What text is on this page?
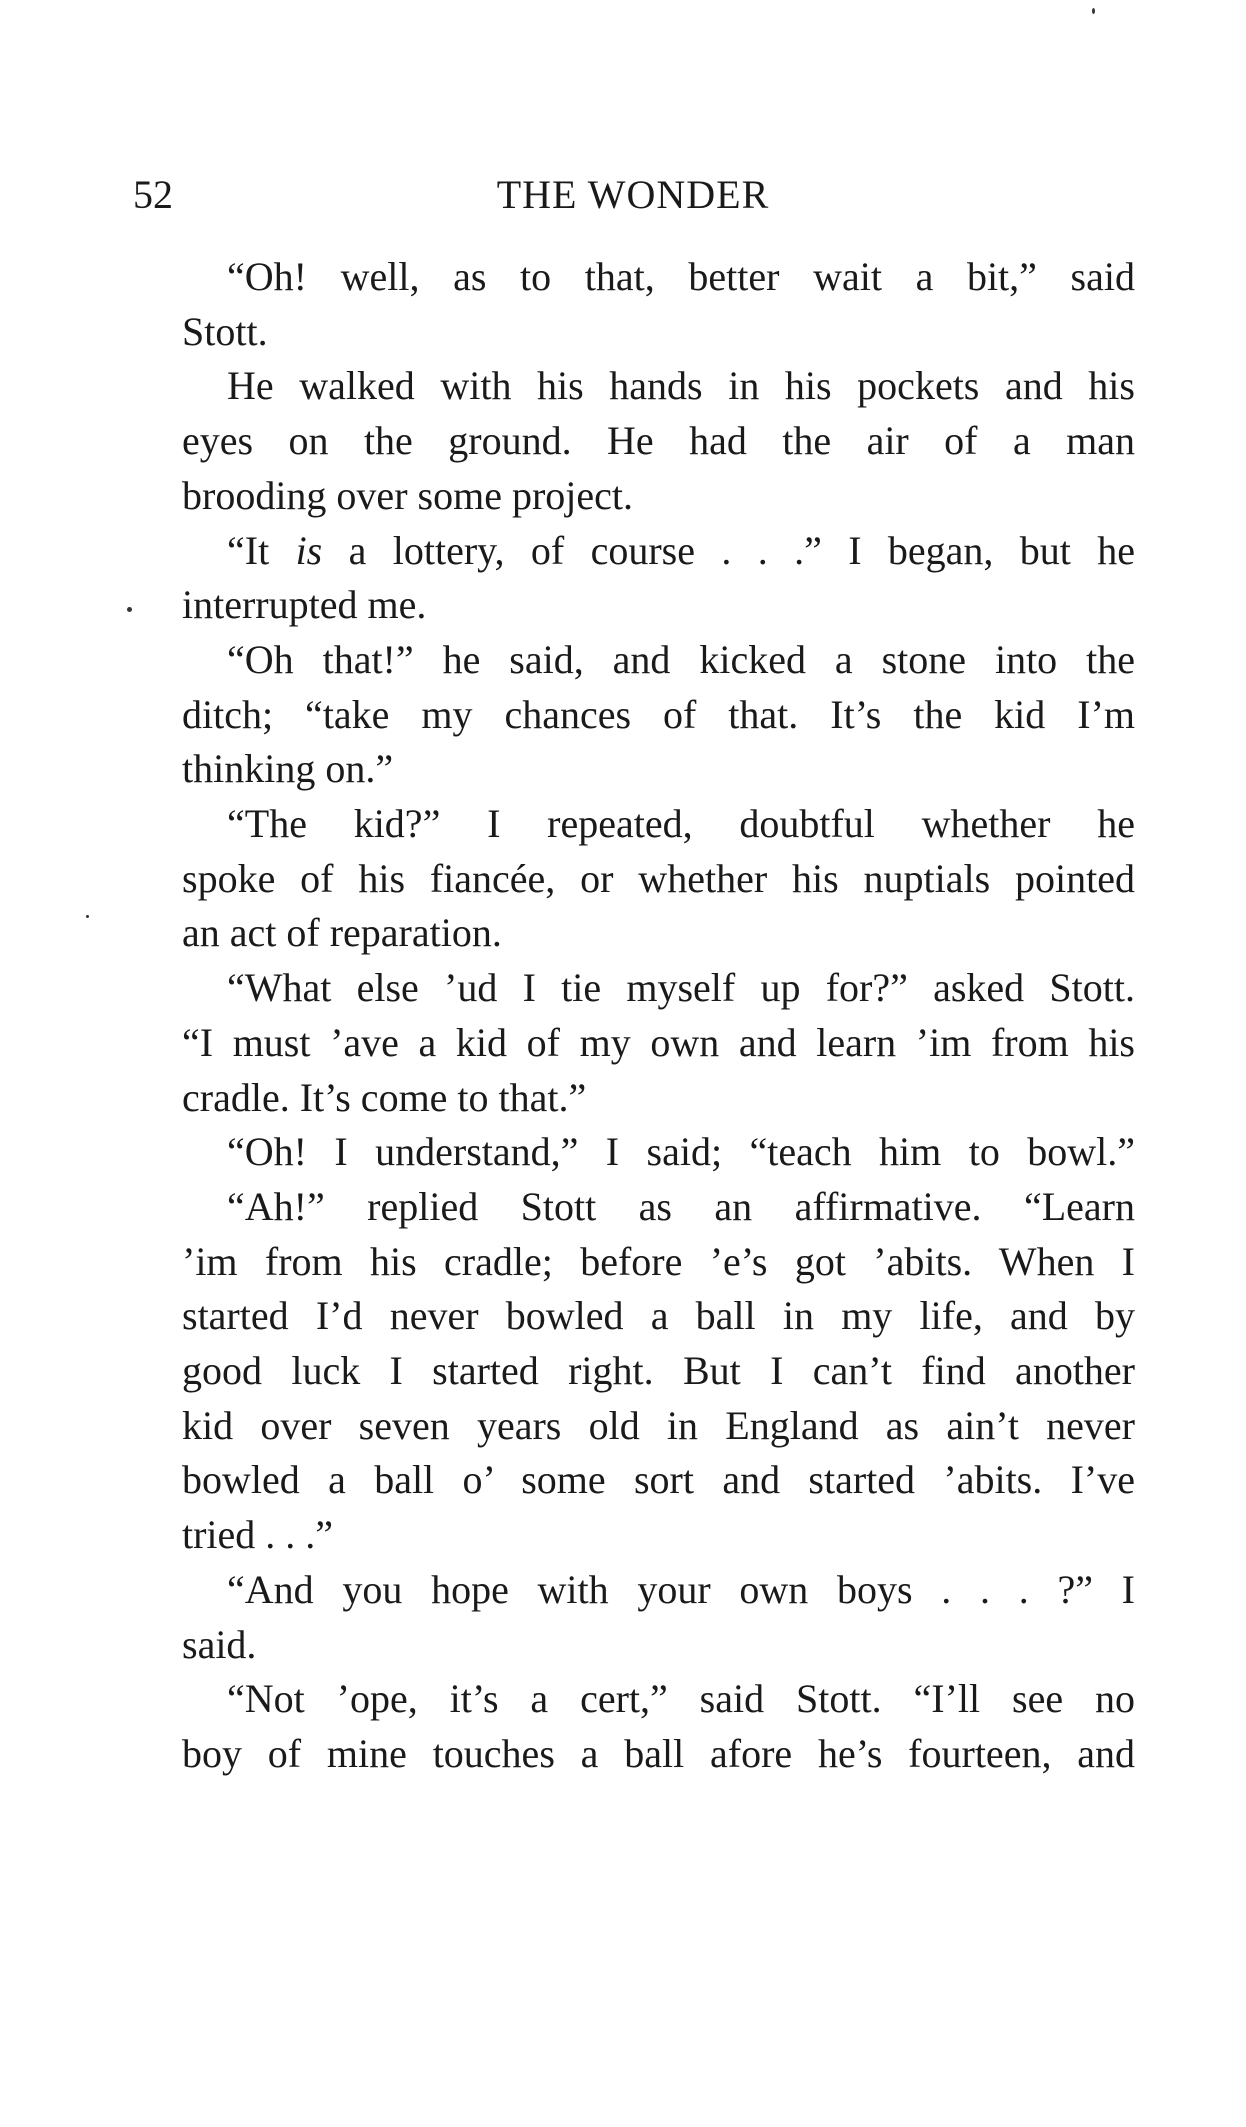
52	THE WONDER
“Oh! well, as to that, better wait a bit,” said
Stott.
He walked with his hands in his pockets and his
eyes on the ground. He had the air of a man
brooding over some project.
“It is a lottery, of course . . .” I began, but he
interrupted me.
“Oh that!” he said, and kicked a stone into the
ditch; “take my chances of that. It’s the kid I’m
thinking on.”
“The kid?” I repeated, doubtful whether he
spoke of his fiancée, or whether his nuptials pointed
an act of reparation.
“What else ’ud I tie myself up for?” asked Stott.
“I must ’ave a kid of my own and learn ’im from his
cradle. It’s come to that.”
“Oh! I understand,” I said; “teach him to bowl.”
“Ah!” replied Stott as an affirmative. “Learn
’im from his cradle; before ’e’s got ’abits. When I
started I’d never bowled a ball in my life, and by
good luck I started right. But I can’t find another
kid over seven years old in England as ain’t never
bowled a ball o’ some sort and started ’abits. I’ve
tried . . .”
“And you hope with your own boys . . . ?” I
said.
“Not ’ope, it’s a cert,” said Stott. “I’ll see no
boy of mine touches a ball afore he’s fourteen, and
